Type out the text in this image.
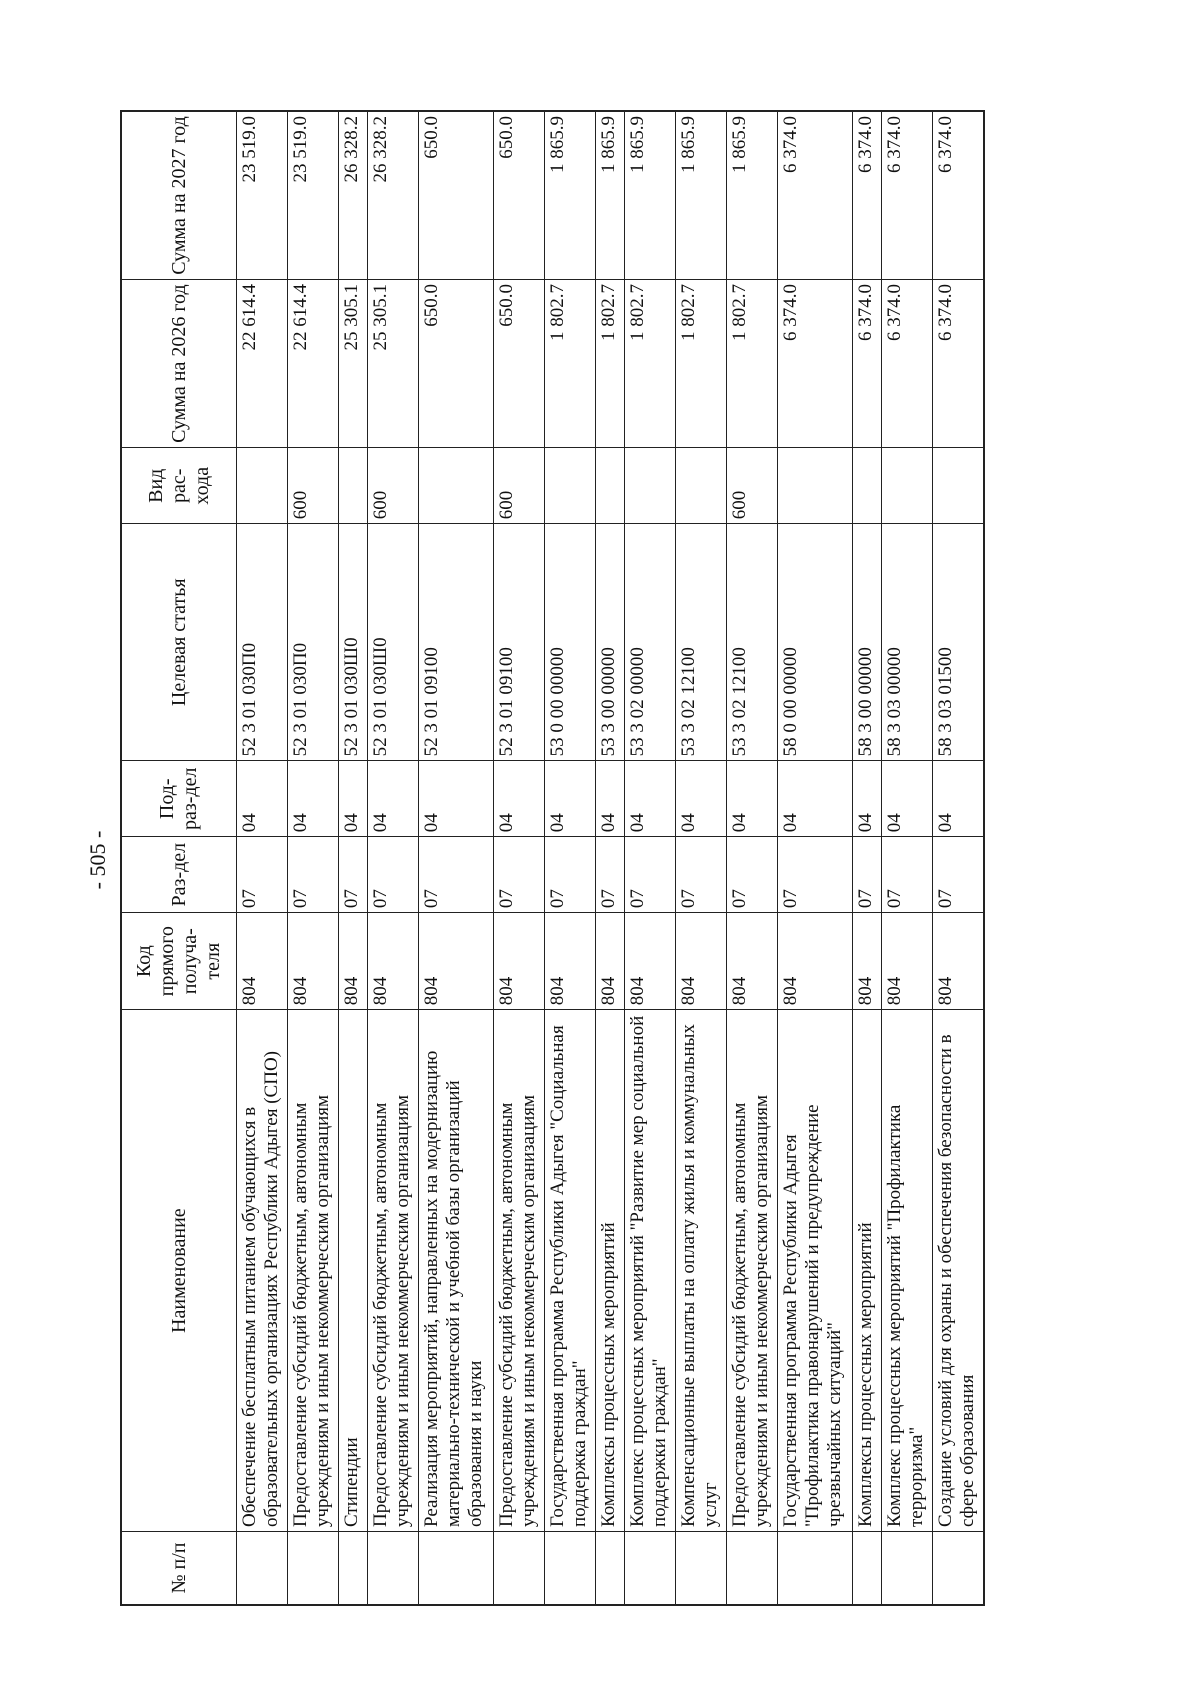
- 505 -
№ п/п	Наименование	Код прямого получа-теля	Раз-дел	Под-раз-дел	Целевая статья	Вид рас-хода	Сумма на 2026 год	Сумма на 2027 год
	Обеспечение бесплатным питанием обучающихся в образовательных организациях Республики Адыгея (СПО)	804	07	04	52 3 01 030П0		22 614.4	23 519.0
	Предоставление субсидий бюджетным, автономным учреждениям и иным некоммерческим организациям	804	07	04	52 3 01 030П0	600	22 614.4	23 519.0
	Стипендии	804	07	04	52 3 01 030Ш0		25 305.1	26 328.2
	Предоставление субсидий бюджетным, автономным учреждениям и иным некоммерческим организациям	804	07	04	52 3 01 030Ш0	600	25 305.1	26 328.2
	Реализация мероприятий, направленных на модернизацию материально-технической и учебной базы организаций образования и науки	804	07	04	52 3 01 09100		650.0	650.0
	Предоставление субсидий бюджетным, автономным учреждениям и иным некоммерческим организациям	804	07	04	52 3 01 09100	600	650.0	650.0
	Государственная программа Республики Адыгея "Социальная поддержка граждан"	804	07	04	53 0 00 00000		1 802.7	1 865.9
	Комплексы процессных мероприятий	804	07	04	53 3 00 00000		1 802.7	1 865.9
	Комплекс процессных мероприятий "Развитие мер социальной поддержки граждан"	804	07	04	53 3 02 00000		1 802.7	1 865.9
	Компенсационные выплаты на оплату жилья и коммунальных услуг	804	07	04	53 3 02 12100		1 802.7	1 865.9
	Предоставление субсидий бюджетным, автономным учреждениям и иным некоммерческим организациям	804	07	04	53 3 02 12100	600	1 802.7	1 865.9
	Государственная программа Республики Адыгея "Профилактика правонарушений и предупреждение чрезвычайных ситуаций"	804	07	04	58 0 00 00000		6 374.0	6 374.0
	Комплексы процессных мероприятий	804	07	04	58 3 00 00000		6 374.0	6 374.0
	Комплекс процессных мероприятий "Профилактика терроризма"	804	07	04	58 3 03 00000		6 374.0	6 374.0
	Создание условий для охраны и обеспечения безопасности в сфере образования	804	07	04	58 3 03 01500		6 374.0	6 374.0
